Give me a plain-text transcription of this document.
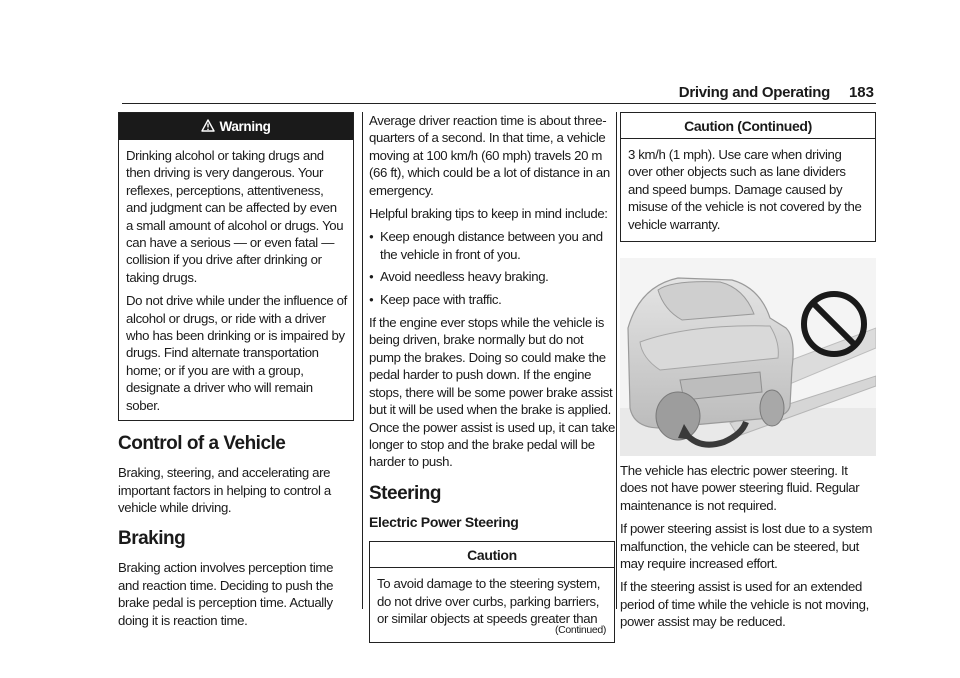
Driving and Operating 183
Warning

Drinking alcohol or taking drugs and then driving is very dangerous. Your reflexes, perceptions, attentiveness, and judgment can be affected by even a small amount of alcohol or drugs. You can have a serious — or even fatal — collision if you drive after drinking or taking drugs.

Do not drive while under the influence of alcohol or drugs, or ride with a driver who has been drinking or is impaired by drugs. Find alternate transportation home; or if you are with a group, designate a driver who will remain sober.

Control of a Vehicle

Braking, steering, and accelerating are important factors in helping to control a vehicle while driving.

Braking

Braking action involves perception time and reaction time. Deciding to push the brake pedal is perception time. Actually doing it is reaction time.

Average driver reaction time is about three-quarters of a second. In that time, a vehicle moving at 100 km/h (60 mph) travels 20 m (66 ft), which could be a lot of distance in an emergency.

Helpful braking tips to keep in mind include:

● Keep enough distance between you and the vehicle in front of you.
● Avoid needless heavy braking.
● Keep pace with traffic.

If the engine ever stops while the vehicle is being driven, brake normally but do not pump the brakes. Doing so could make the pedal harder to push down. If the engine stops, there will be some power brake assist but it will be used when the brake is applied. Once the power assist is used up, it can take longer to stop and the brake pedal will be harder to push.

Steering
Electric Power Steering
Caution

To avoid damage to the steering system, do not drive over curbs, parking barriers, or similar objects at speeds greater than

(Continued)
Caution (Continued)

3 km/h (1 mph). Use care when driving over other objects such as lane dividers and speed bumps. Damage caused by misuse of the vehicle is not covered by the vehicle warranty.

The vehicle has electric power steering. It does not have power steering fluid. Regular maintenance is not required.

If power steering assist is lost due to a system malfunction, the vehicle can be steered, but may require increased effort.

If the steering assist is used for an extended period of time while the vehicle is not moving, power assist may be reduced.
